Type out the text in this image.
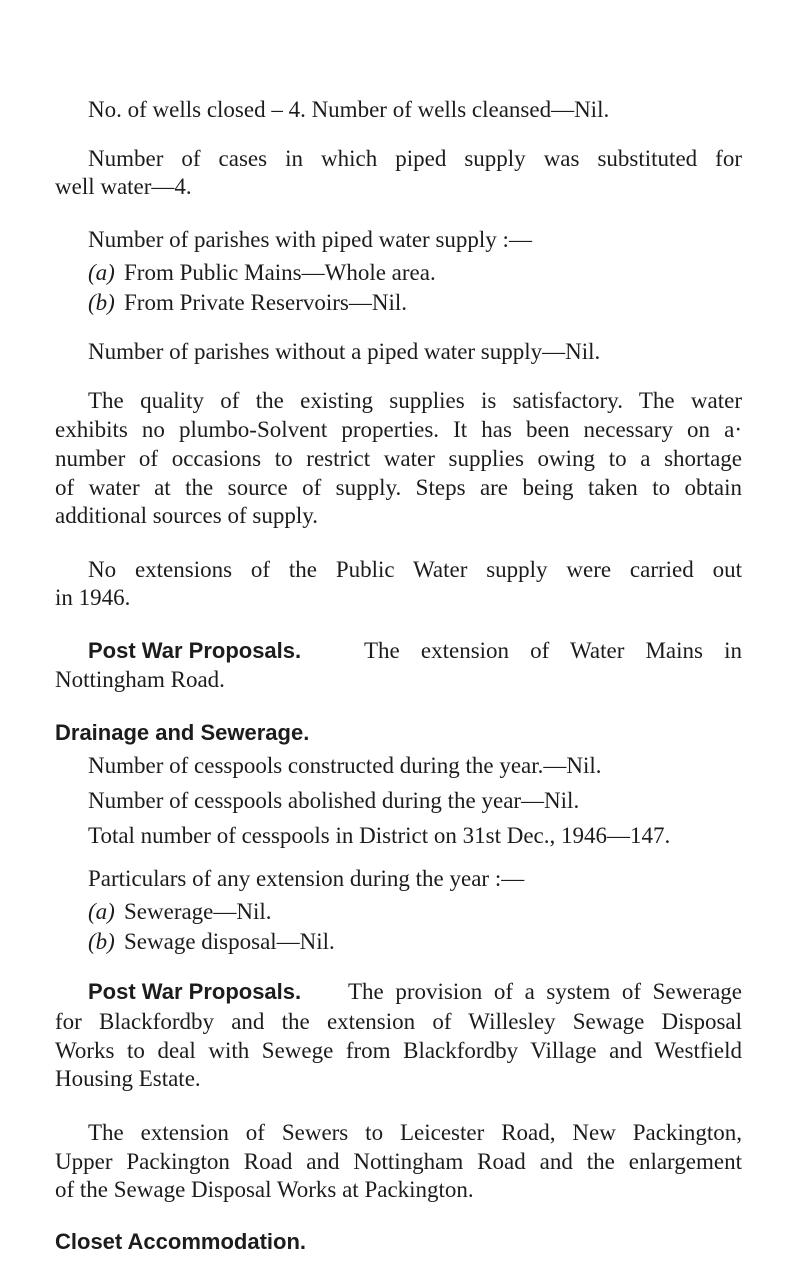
No. of wells closed – 4. Number of wells cleansed—Nil.
Number of cases in which piped supply was substituted for
well water—4.
Number of parishes with piped water supply :—
(a) From Public Mains—Whole area.
(b) From Private Reservoirs—Nil.
Number of parishes without a piped water supply—Nil.
The quality of the existing supplies is satisfactory. The water
exhibits no plumbo-Solvent properties. It has been necessary on a·
number of occasions to restrict water supplies owing to a shortage
of water at the source of supply. Steps are being taken to obtain
additional sources of supply.
No extensions of the Public Water supply were carried out
in 1946.
Post War Proposals.	The extension of Water Mains in
Nottingham Road.
Drainage and Sewerage.
Number of cesspools constructed during the year.—Nil.
Number of cesspools abolished during the year—Nil.
Total number of cesspools in District on 31st Dec., 1946—147.
Particulars of any extension during the year :—
(a) Sewerage—Nil.
(b) Sewage disposal—Nil.
Post War Proposals. The provision of a system of Sewerage
for Blackfordby and the extension of Willesley Sewage Disposal
Works to deal with Sewege from Blackfordby Village and Westfield
Housing Estate.
The extension of Sewers to Leicester Road, New Packington,
Upper Packington Road and Nottingham Road and the enlargement
of the Sewage Disposal Works at Packington.
Closet Accommodation.
